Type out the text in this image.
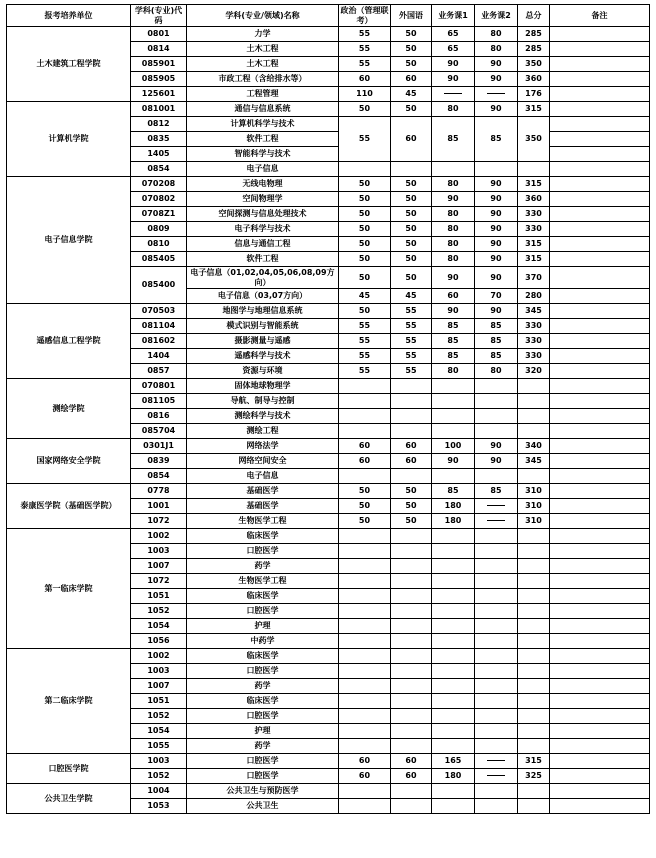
报考培养单位	学科(专业)代码	学科(专业/领域)名称	政治（管理联考）	外国语	业务课1	业务课2	总分	备注
土木建筑工程学院	0801	力学	55	50	65	80	285	
	0814	土木工程	55	50	65	80	285	
	085901	土木工程	55	50	90	90	350	
	085905	市政工程（含给排水等）	60	60	90	90	360	
	125601	工程管理	110	45			176	
计算机学院	081001	通信与信息系统	50	50	80	90	315	
	0812	计算机科学与技术	55	60	85	85	350	
	0835	软件工程						
	1405	智能科学与技术						
	0854	电子信息						
电子信息学院	070208	无线电物理	50	50	80	90	315	
	070802	空间物理学	50	50	90	90	360	
	0708Z1	空间探测与信息处理技术	50	50	80	90	330	
	0809	电子科学与技术	50	50	80	90	330	
	0810	信息与通信工程	50	50	80	90	315	
	085405	软件工程	50	50	80	90	315	
	085400	电子信息（01,02,04,05,06,08,09方向）	50	50	90	90	370	
		电子信息（03,07方向）	45	45	60	70	280	
遥感信息工程学院	070503	地图学与地理信息系统	50	55	90	90	345	
	081104	模式识别与智能系统	55	55	85	85	330	
	081602	摄影测量与遥感	55	55	85	85	330	
	1404	遥感科学与技术	55	55	85	85	330	
	0857	资源与环境	55	55	80	80	320	
测绘学院	070801	固体地球物理学						
	081105	导航、制导与控制						
	0816	测绘科学与技术						
	085704	测绘工程						
国家网络安全学院	0301J1	网络法学	60	60	100	90	340	
	0839	网络空间安全	60	60	90	90	345	
	0854	电子信息						
泰康医学院（基础医学院）	0778	基础医学	50	50	85	85	310	
	1001	基础医学	50	50	180		310	
	1072	生物医学工程	50	50	180		310	
第一临床学院	1002	临床医学						
	1003	口腔医学						
	1007	药学						
	1072	生物医学工程						
	1051	临床医学						
	1052	口腔医学						
	1054	护理						
	1056	中药学						
第二临床学院	1002	临床医学						
	1003	口腔医学						
	1007	药学						
	1051	临床医学						
	1052	口腔医学						
	1054	护理						
	1055	药学						
口腔医学院	1003	口腔医学	60	60	165		315	
	1052	口腔医学	60	60	180		325	
公共卫生学院	1004	公共卫生与预防医学						
	1053	公共卫生						
